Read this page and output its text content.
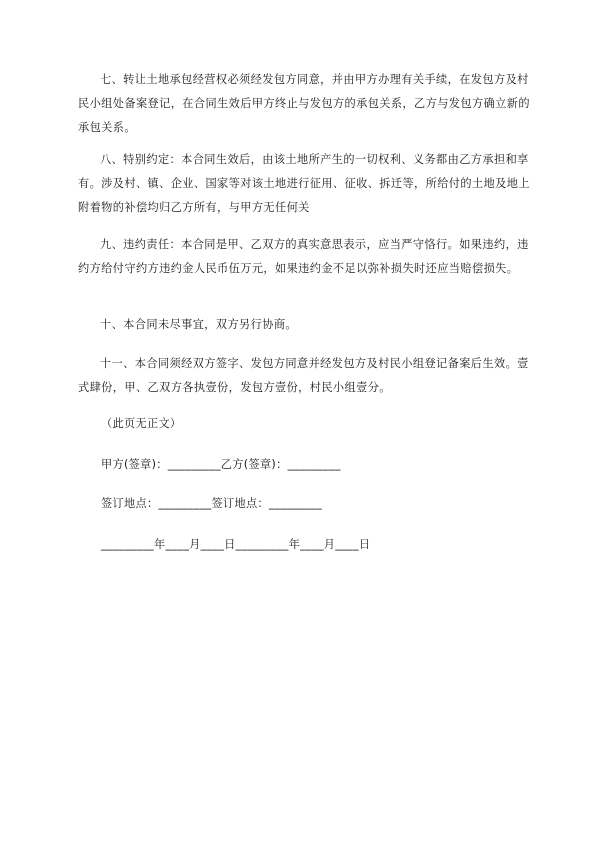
七、转让土地承包经营权必须经发包方同意，并由甲方办理有关手续，在发包方及村民小组处备案登记，在合同生效后甲方终止与发包方的承包关系，乙方与发包方确立新的承包关系。

八、特别约定：本合同生效后，由该土地所产生的一切权利、义务都由乙方承担和享有。涉及村、镇、企业、国家等对该土地进行征用、征收、拆迁等，所给付的土地及地上附着物的补偿均归乙方所有，与甲方无任何关

九、违约责任：本合同是甲、乙双方的真实意思表示，应当严守恪行。如果违约，违约方给付守约方违约金人民币伍万元，如果违约金不足以弥补损失时还应当赔偿损失。

十、本合同未尽事宜，双方另行协商。

十一、本合同须经双方签字、发包方同意并经发包方及村民小组登记备案后生效。壹式肆份，甲、乙双方各执壹份，发包方壹份，村民小组壹分。

（此页无正文）
甲方(签章)：_________乙方(签章)：_________
签订地点：_________签订地点：_________
_________年____月____日_________年____月____日
